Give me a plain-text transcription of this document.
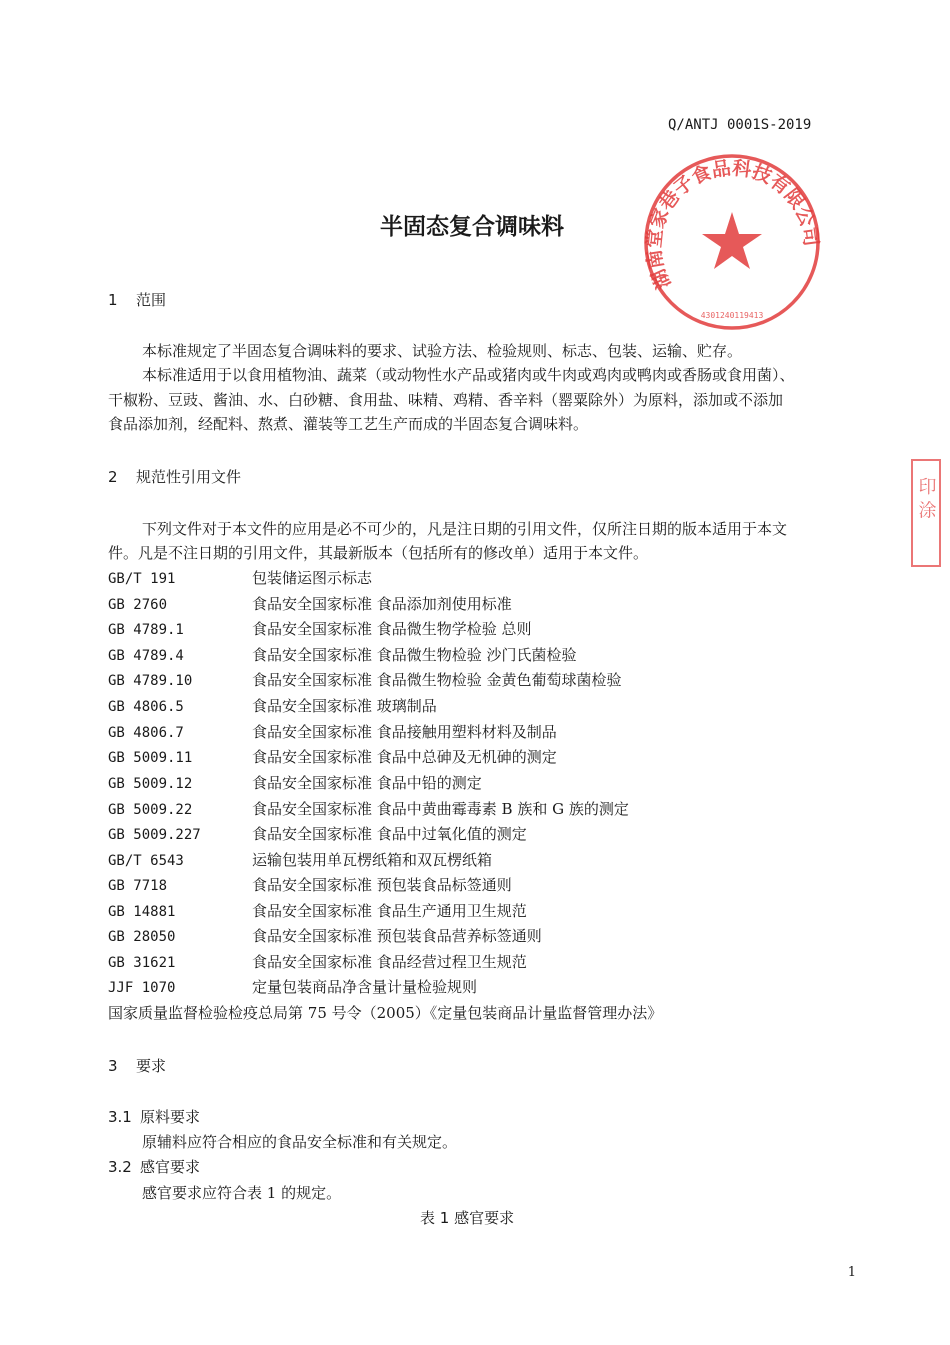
Q/ANTJ 0001S-2019
湖南堂家巷子食品科技有限公司
4301240119413
印 涂
半固态复合调味料
1 范围
本标准规定了半固态复合调味料的要求、试验方法、检验规则、标志、包装、运输、贮存。
本标准适用于以食用植物油、蔬菜（或动物性水产品或猪肉或牛肉或鸡肉或鸭肉或香肠或食用菌）、
干椒粉、豆豉、酱油、水、白砂糖、食用盐、味精、鸡精、香辛料（罂粟除外）为原料，添加或不添加
食品添加剂，经配料、熬煮、灌装等工艺生产而成的半固态复合调味料。
2 规范性引用文件
下列文件对于本文件的应用是必不可少的，凡是注日期的引用文件，仅所注日期的版本适用于本文
件。凡是不注日期的引用文件，其最新版本（包括所有的修改单）适用于本文件。
GB/T 191	包装储运图示标志
GB 2760	食品安全国家标准 食品添加剂使用标准
GB 4789.1	食品安全国家标准 食品微生物学检验 总则
GB 4789.4	食品安全国家标准 食品微生物检验 沙门氏菌检验
GB 4789.10	食品安全国家标准 食品微生物检验 金黄色葡萄球菌检验
GB 4806.5	食品安全国家标准 玻璃制品
GB 4806.7	食品安全国家标准 食品接触用塑料材料及制品
GB 5009.11	食品安全国家标准 食品中总砷及无机砷的测定
GB 5009.12	食品安全国家标准 食品中铅的测定
GB 5009.22	食品安全国家标准 食品中黄曲霉毒素 B 族和 G 族的测定
GB 5009.227	食品安全国家标准 食品中过氧化值的测定
GB/T 6543	运输包装用单瓦楞纸箱和双瓦楞纸箱
GB 7718	食品安全国家标准 预包装食品标签通则
GB 14881	食品安全国家标准 食品生产通用卫生规范
GB 28050	食品安全国家标准 预包装食品营养标签通则
GB 31621	食品安全国家标准 食品经营过程卫生规范
JJF 1070	定量包装商品净含量计量检验规则
国家质量监督检验检疫总局第 75 号令（2005）《定量包装商品计量监督管理办法》
3 要求
3.1 原料要求
原辅料应符合相应的食品安全标准和有关规定。
3.2 感官要求
感官要求应符合表 1 的规定。
表 1 感官要求
1
